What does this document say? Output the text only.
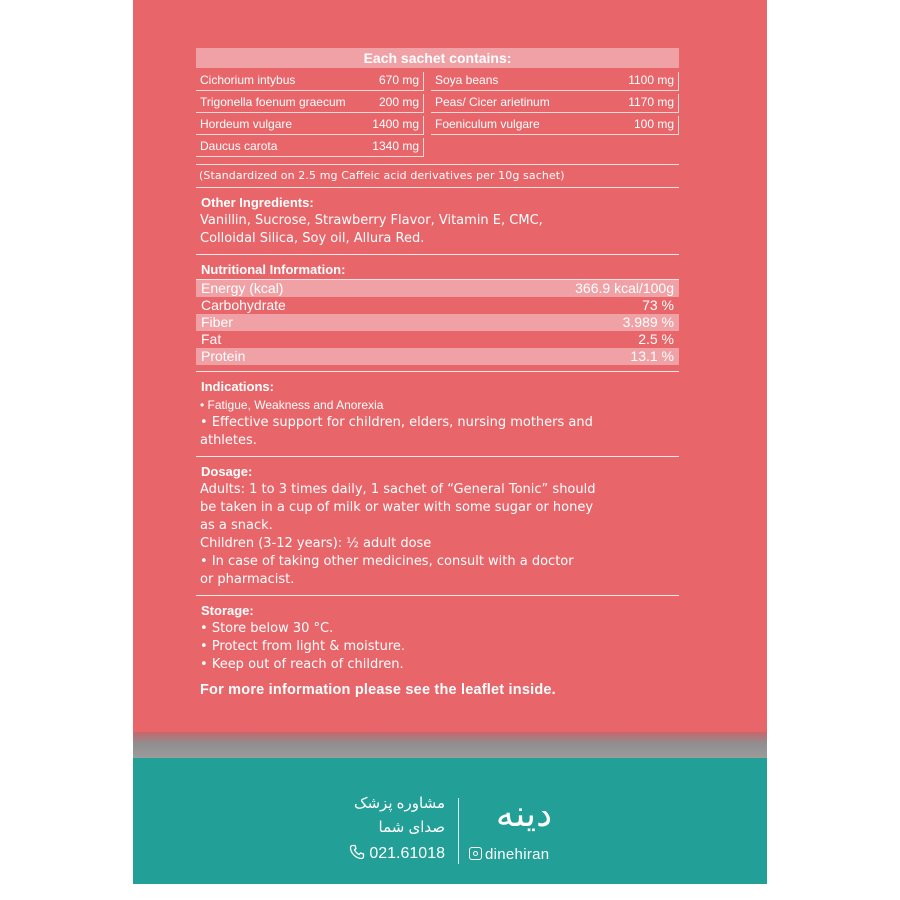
Each sachet contains:
Cichorium intybus	670 mg
Trigonella foenum graecum	200 mg
Hordeum vulgare	1400 mg
Daucus carota	1340 mg
Soya beans	1100 mg
Peas/ Cicer arietinum	1170 mg
Foeniculum vulgare	100 mg
(Standardized on 2.5 mg Caffeic acid derivatives per 10g sachet)
Other Ingredients:
Vanillin, Sucrose, Strawberry Flavor, Vitamin E, CMC,
Colloidal Silica, Soy oil, Allura Red.
Nutritional Information:
Energy (kcal)	366.9 kcal/100g
Carbohydrate	73 %
Fiber	3.989 %
Fat	2.5 %
Protein	13.1 %
Indications:
• Fatigue, Weakness and Anorexia
• Effective support for children, elders, nursing mothers and
athletes.
Dosage:
Adults: 1 to 3 times daily, 1 sachet of “General Tonic” should
be taken in a cup of milk or water with some sugar or honey
as a snack.
Children (3-12 years): ½ adult dose
• In case of taking other medicines, consult with a doctor
or pharmacist.
Storage:
• Store below 30 °C.
• Protect from light & moisture.
• Keep out of reach of children.
For more information please see the leaflet inside.
مشاوره پزشک
صدای شما
021.61018
دینه
dinehiran
